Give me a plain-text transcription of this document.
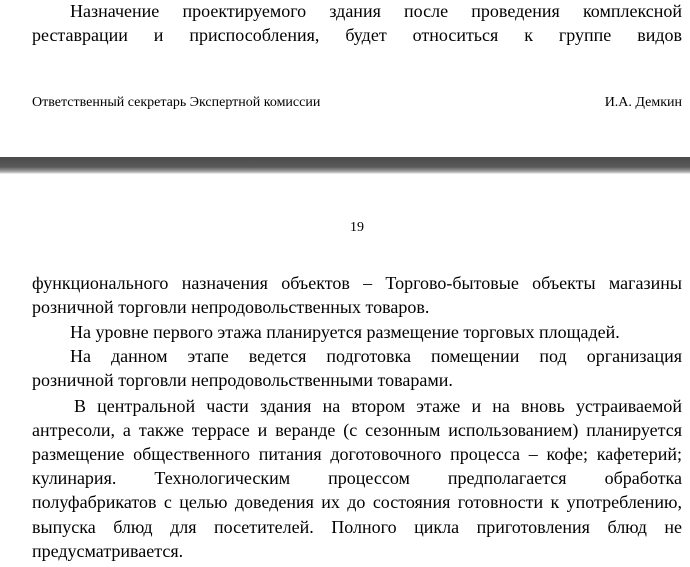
Назначение проектируемого здания после проведения комплексной
реставрации и приспособления, будет относиться к группе видов
Ответственный секретарь Экспертной комиссии	И.А. Демкин
19
функционального назначения объектов – Торгово-бытовые объекты магазины
розничной торговли непродовольственных товаров.
На уровне первого этажа планируется размещение торговых площадей.
На данном этапе ведется подготовка помещении под организация
розничной торговли непродовольственными товарами.
В центральной части здания на втором этаже и на вновь устраиваемой
антресоли, а также террасе и веранде (с сезонным использованием) планируется
размещение общественного питания доготовочного процесса – кофе; кафетерий;
кулинария. Технологическим процессом предполагается обработка
полуфабрикатов с целью доведения их до состояния готовности к употреблению,
выпуска блюд для посетителей. Полного цикла приготовления блюд не
предусматривается.
